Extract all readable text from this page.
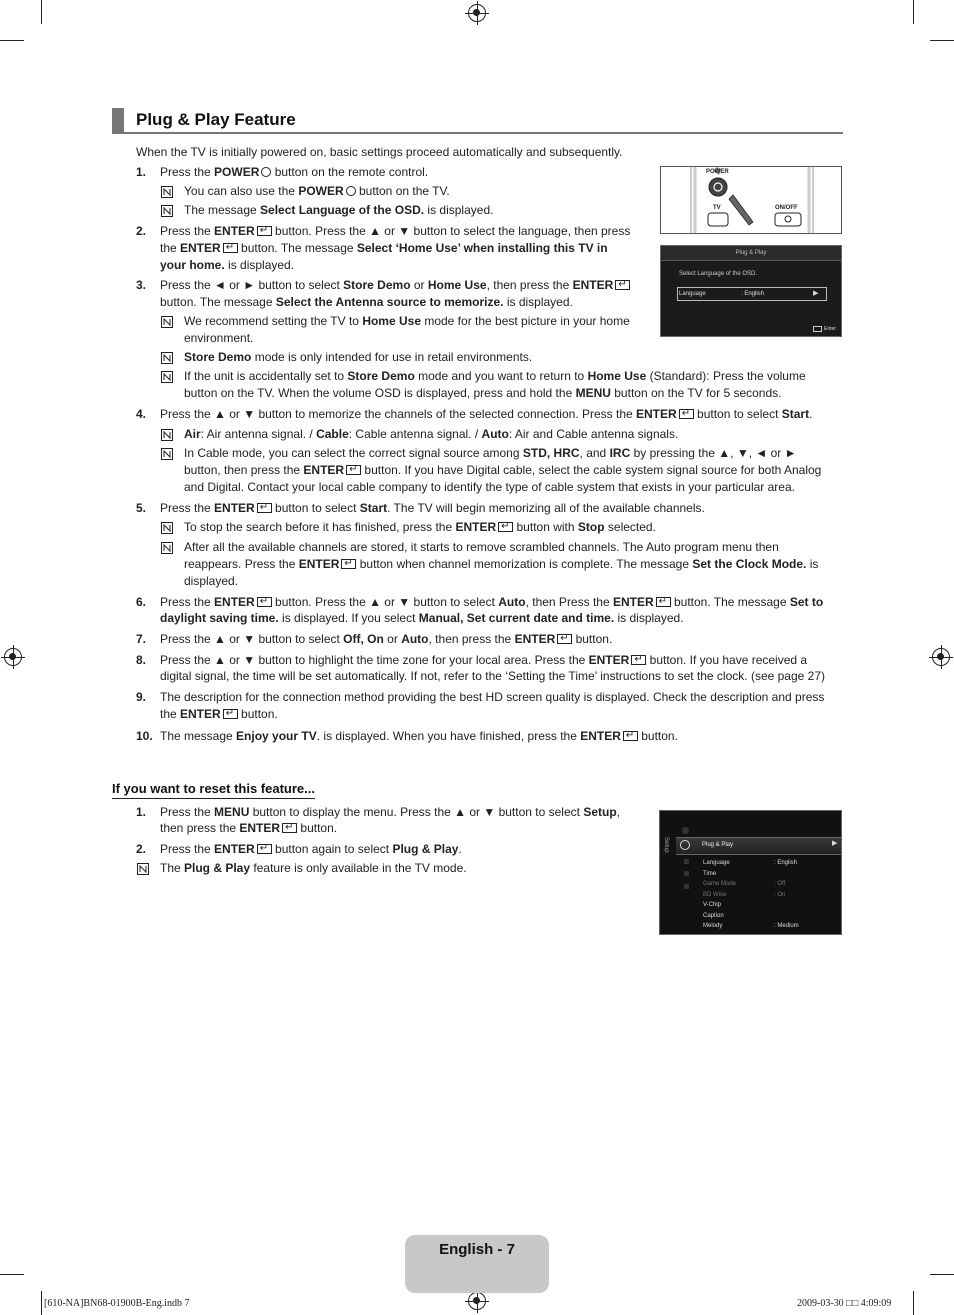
Plug & Play Feature
When the TV is initially powered on, basic settings proceed automatically and subsequently.
1.	Press the POWER button on the remote control.
You can also use the POWER button on the TV.
The message Select Language of the OSD. is displayed.
2.	Press the ENTER↵ button. Press the ▲ or ▼ button to select the language, then press
the ENTER↵ button. The message Select ‘Home Use’ when installing this TV in
your home. is displayed.
3.	Press the ◄ or ► button to select Store Demo or Home Use, then press the ENTER↵
button. The message Select the Antenna source to memorize. is displayed.
We recommend setting the TV to Home Use mode for the best picture in your home
environment.
Store Demo mode is only intended for use in retail environments.
If the unit is accidentally set to Store Demo mode and you want to return to Home Use (Standard): Press the volume
button on the TV. When the volume OSD is displayed, press and hold the MENU button on the TV for 5 seconds.
4.	Press the ▲ or ▼ button to memorize the channels of the selected connection. Press the ENTER↵ button to select Start.
Air: Air antenna signal. / Cable: Cable antenna signal. / Auto: Air and Cable antenna signals.
In Cable mode, you can select the correct signal source among STD, HRC, and IRC by pressing the ▲, ▼, ◄ or ►
button, then press the ENTER↵ button. If you have Digital cable, select the cable system signal source for both Analog
and Digital. Contact your local cable company to identify the type of cable system that exists in your particular area.
5.	Press the ENTER↵ button to select Start. The TV will begin memorizing all of the available channels.
To stop the search before it has finished, press the ENTER↵ button with Stop selected.
After all the available channels are stored, it starts to remove scrambled channels. The Auto program menu then
reappears. Press the ENTER↵ button when channel memorization is complete. The message Set the Clock Mode. is
displayed.
6.	Press the ENTER↵ button. Press the ▲ or ▼ button to select Auto, then Press the ENTER↵ button. The message Set to
daylight saving time. is displayed. If you select Manual, Set current date and time. is displayed.
7.	Press the ▲ or ▼ button to select Off, On or Auto, then press the ENTER↵ button.
8.	Press the ▲ or ▼ button to highlight the time zone for your local area. Press the ENTER↵ button. If you have received a
digital signal, the time will be set automatically. If not, refer to the ‘Setting the Time’ instructions to set the clock. (see page 27)
9.	The description for the connection method providing the best HD screen quality is displayed. Check the description and press
the ENTER↵ button.
10. The message Enjoy your TV. is displayed. When you have finished, press the ENTER↵ button.
POWER
TV	ON/OFF
Plug & Play
Select Language of the OSD.
Language	: English	▶
Enter
If you want to reset this feature...
1.	Press the MENU button to display the menu. Press the ▲ or ▼ button to select Setup,
then press the ENTER↵ button.
2.	Press the ENTER↵ button again to select Plug & Play.
The Plug & Play feature is only available in the TV mode.
Setup	Plug & Play	▶
Language	: English
Time
Game Mode	: Off
BD Wise	: On
V-Chip
Caption
Melody	: Medium
English - 7
[610-NA]BN68-01900B-Eng.indb 7	2009-03-30 □□ 4:09:09
